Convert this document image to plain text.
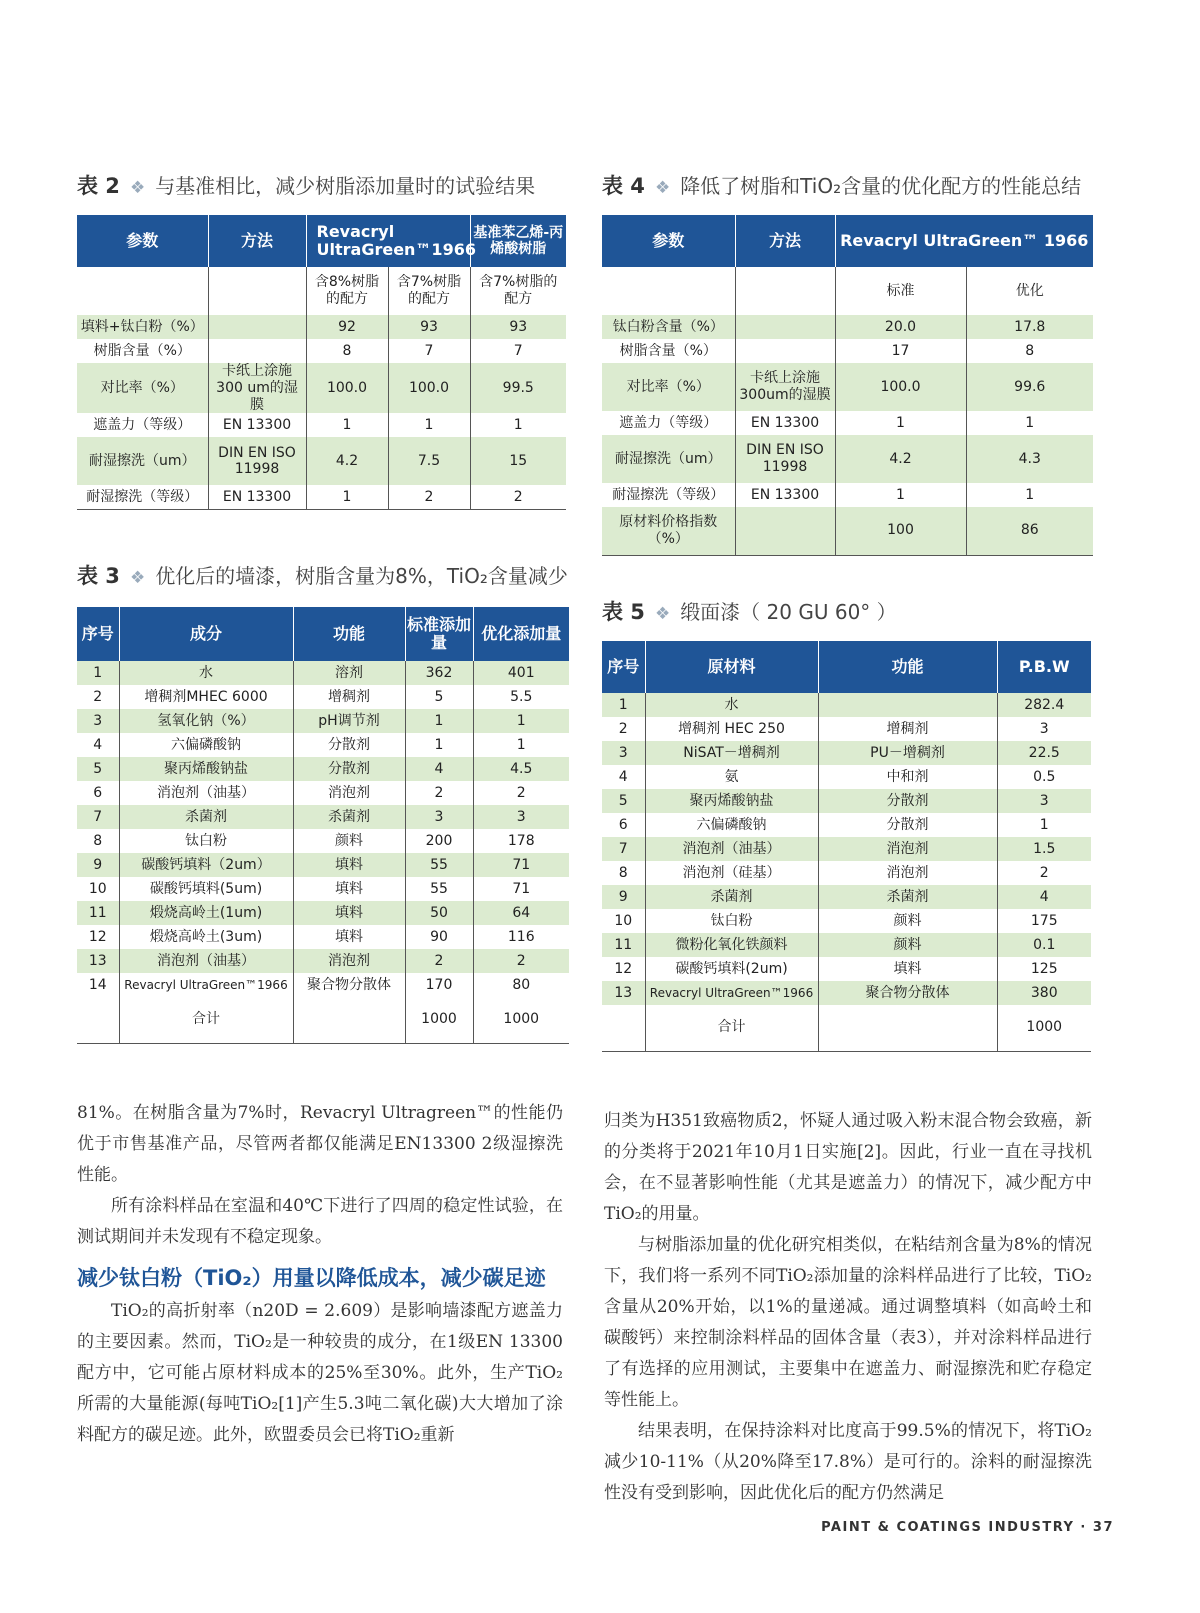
表 2 ❖ 与基准相比，减少树脂添加量时的试验结果
参数	方法	Revacryl UltraGreen™1966		基准苯乙烯-丙烯酸树脂
		含8%树脂的配方	含7%树脂的配方	含7%树脂的配方
填料+钛白粉（%）		92	93	93
树脂含量（%）		8	7	7
对比率（%）	卡纸上涂施 300 um的湿膜	100.0	100.0	99.5
遮盖力（等级）	EN 13300	1	1	1
耐湿擦洗（um）	DIN EN ISO 11998	4.2	7.5	15
耐湿擦洗（等级）	EN 13300	1	2	2
表 3 ❖ 优化后的墙漆，树脂含量为8%，TiO₂含量减少
序号	成分	功能	标准添加量	优化添加量
1	水	溶剂	362	401
2	增稠剂MHEC 6000	增稠剂	5	5.5
3	氢氧化钠（%）	pH调节剂	1	1
4	六偏磷酸钠	分散剂	1	1
5	聚丙烯酸钠盐	分散剂	4	4.5
6	消泡剂（油基）	消泡剂	2	2
7	杀菌剂	杀菌剂	3	3
8	钛白粉	颜料	200	178
9	碳酸钙填料（2um）	填料	55	71
10	碳酸钙填料(5um)	填料	55	71
11	煅烧高岭土(1um)	填料	50	64
12	煅烧高岭土(3um)	填料	90	116
13	消泡剂（油基）	消泡剂	2	2
14	Revacryl UltraGreen™1966	聚合物分散体	170	80
	合计		1000	1000
表 4 ❖ 降低了树脂和TiO₂含量的优化配方的性能总结
参数	方法	Revacryl UltraGreen™ 1966	
		标准	优化
钛白粉含量（%）		20.0	17.8
树脂含量（%）		17	8
对比率（%）	卡纸上涂施 300um的湿膜	100.0	99.6
遮盖力（等级）	EN 13300	1	1
耐湿擦洗（um）	DIN EN ISO 11998	4.2	4.3
耐湿擦洗（等级）	EN 13300	1	1
原材料价格指数（%）		100	86
表 5 ❖ 缎面漆（ 20 GU 60° ）
序号	原材料	功能	P.B.W
1	水		282.4
2	增稠剂 HEC 250	增稠剂	3
3	NiSAT－增稠剂	PU－增稠剂	22.5
4	氨	中和剂	0.5
5	聚丙烯酸钠盐	分散剂	3
6	六偏磷酸钠	分散剂	1
7	消泡剂（油基）	消泡剂	1.5
8	消泡剂（硅基）	消泡剂	2
9	杀菌剂	杀菌剂	4
10	钛白粉	颜料	175
11	微粉化氧化铁颜料	颜料	0.1
12	碳酸钙填料(2um)	填料	125
13	Revacryl UltraGreen™1966	聚合物分散体	380
	合计		1000

81%。在树脂含量为7%时，Revacryl Ultragreen™的性能仍优于市售基准产品，尽管两者都仅能满足EN13300 2级湿擦洗性能。

所有涂料样品在室温和40℃下进行了四周的稳定性试验，在测试期间并未发现有不稳定现象。

减少钛白粉（TiO₂）用量以降低成本，减少碳足迹

TiO₂的高折射率（n20D = 2.609）是影响墙漆配方遮盖力的主要因素。然而，TiO₂是一种较贵的成分，在1级EN 13300配方中，它可能占原材料成本的25%至30%。此外，生产TiO₂所需的大量能源(每吨TiO₂[1]产生5.3吨二氧化碳)大大增加了涂料配方的碳足迹。此外，欧盟委员会已将TiO₂重新

归类为H351致癌物质2，怀疑人通过吸入粉末混合物会致癌，新的分类将于2021年10月1日实施[2]。因此，行业一直在寻找机会，在不显著影响性能（尤其是遮盖力）的情况下，减少配方中TiO₂的用量。

与树脂添加量的优化研究相类似，在粘结剂含量为8%的情况下，我们将一系列不同TiO₂添加量的涂料样品进行了比较，TiO₂含量从20%开始，以1%的量递减。通过调整填料（如高岭土和碳酸钙）来控制涂料样品的固体含量（表3），并对涂料样品进行了有选择的应用测试，主要集中在遮盖力、耐湿擦洗和贮存稳定等性能上。

结果表明，在保持涂料对比度高于99.5%的情况下，将TiO₂减少10-11%（从20%降至17.8%）是可行的。涂料的耐湿擦洗性没有受到影响，因此优化后的配方仍然满足

PAINT & COATINGS INDUSTRY · 37
